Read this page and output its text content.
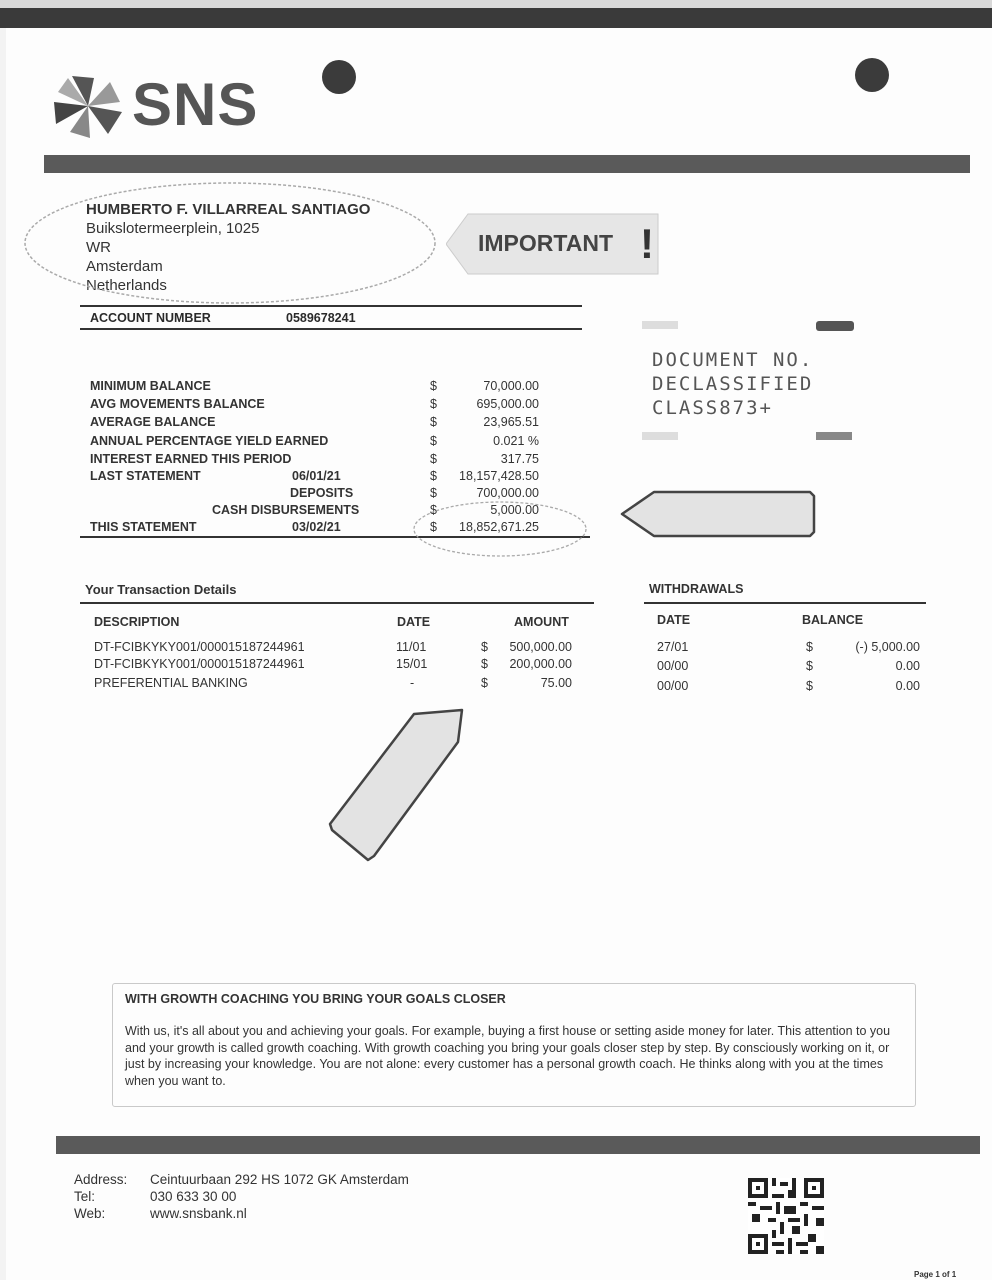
SNS
HUMBERTO F. VILLARREAL SANTIAGO
Buikslotermeerplein, 1025
WR
Amsterdam
Netherlands
IMPORTANT !
ACCOUNT NUMBER	0589678241
DOCUMENT NO.
DECLASSIFIED
CLASS873+
MINIMUM BALANCE	$	70,000.00
AVG MOVEMENTS BALANCE	$	695,000.00
AVERAGE BALANCE	$	23,965.51
ANNUAL PERCENTAGE YIELD EARNED	$	0.021 %
INTEREST EARNED THIS PERIOD	$	317.75
LAST STATEMENT	06/01/21	$	18,157,428.50
DEPOSITS	$	700,000.00
CASH DISBURSEMENTS	$	5,000.00
THIS STATEMENT	03/02/21	$	18,852,671.25
Your Transaction Details
DESCRIPTION	DATE	AMOUNT
DT-FCIBKYKY001/000015187244961	11/01	$	500,000.00
DT-FCIBKYKY001/000015187244961	15/01	$	200,000.00
PREFERENTIAL BANKING	-	$	75.00
WITHDRAWALS
DATE	BALANCE
27/01	$	(-) 5,000.00
00/00	$	0.00
00/00	$	0.00
WITH GROWTH COACHING YOU BRING YOUR GOALS CLOSER
With us, it's all about you and achieving your goals. For example, buying a first house or setting aside money for later. This attention to you and your growth is called growth coaching. With growth coaching you bring your goals closer step by step. By consciously working on it, or just by increasing your knowledge. You are not alone: every customer has a personal growth coach. He thinks along with you at the times when you want to.
Address: Ceintuurbaan 292 HS 1072 GK Amsterdam
Tel:	030 633 30 00
Web:	www.snsbank.nl
Page 1 of 1
